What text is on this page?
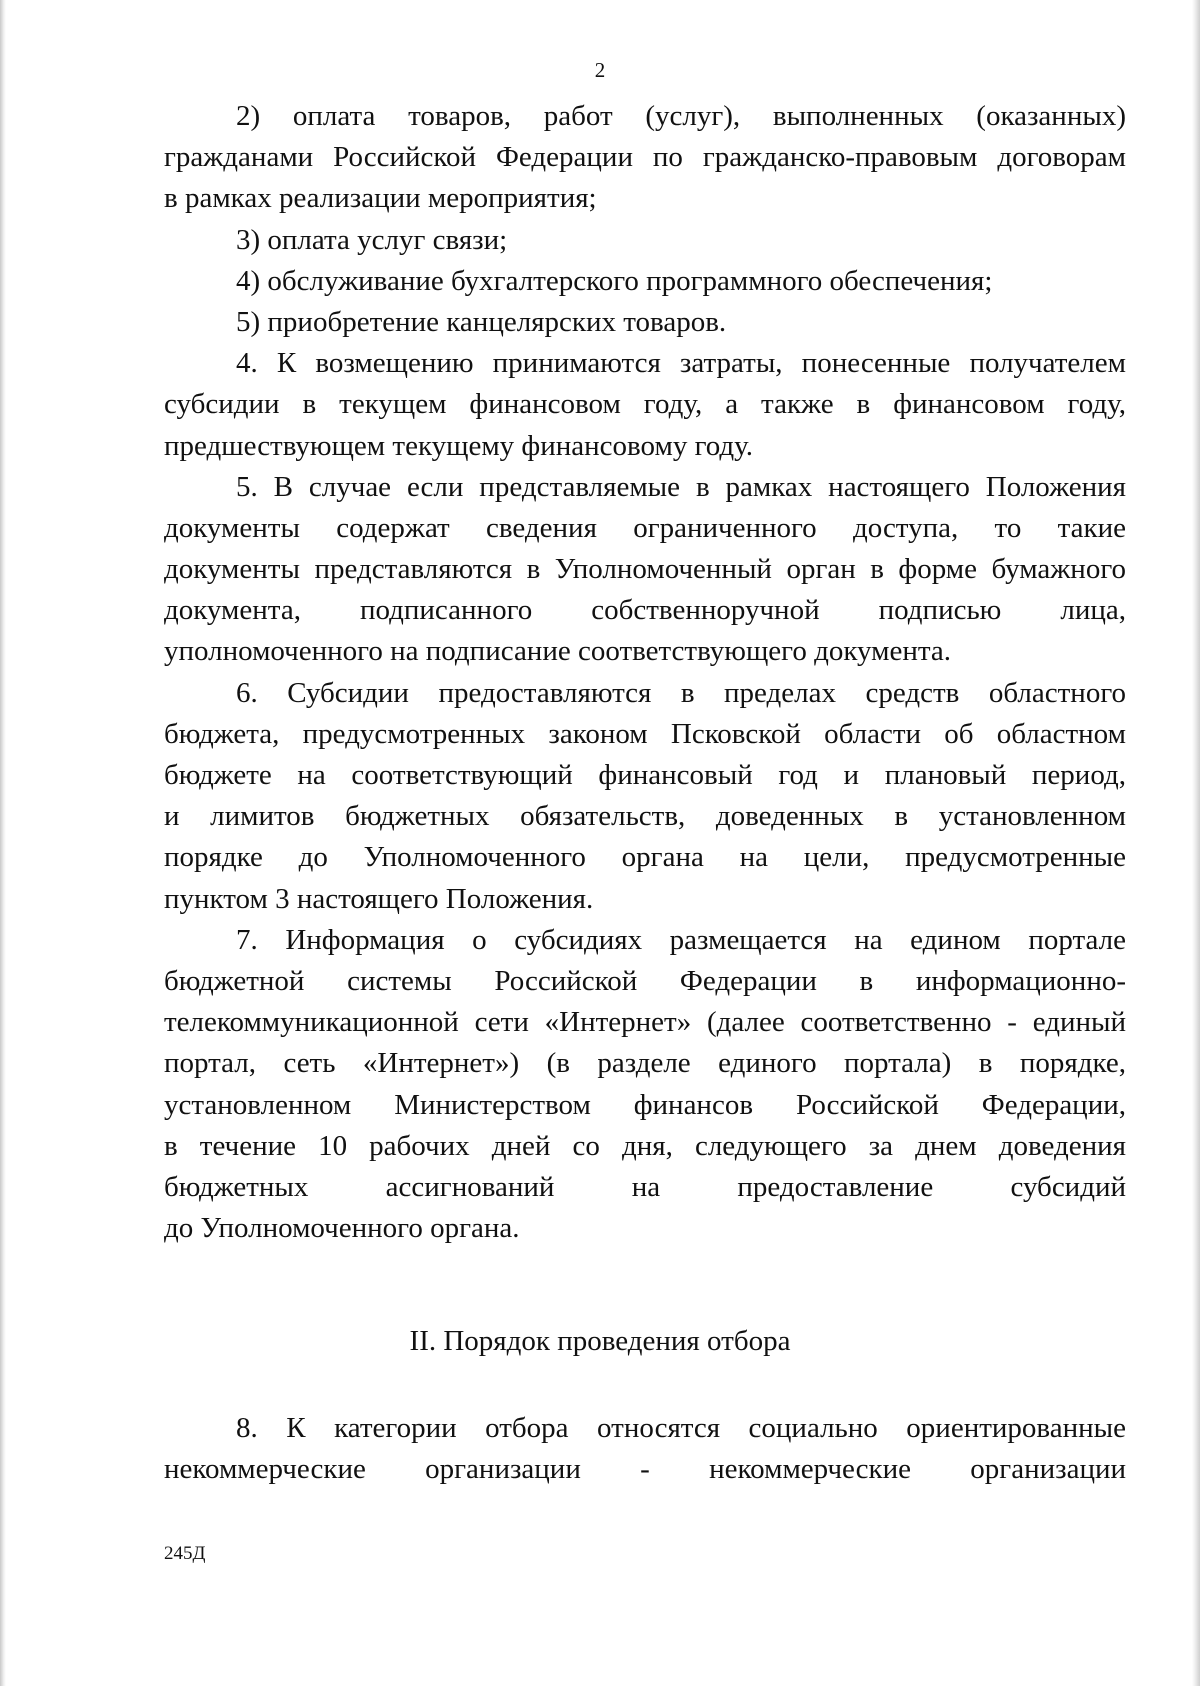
2
2) оплата товаров, работ (услуг), выполненных (оказанных)
гражданами Российской Федерации по гражданско-правовым договорам
в рамках реализации мероприятия;
3) оплата услуг связи;
4) обслуживание бухгалтерского программного обеспечения;
5) приобретение канцелярских товаров.
4. К возмещению принимаются затраты, понесенные получателем
субсидии в текущем финансовом году, а также в финансовом году,
предшествующем текущему финансовому году.
5. В случае если представляемые в рамках настоящего Положения
документы содержат сведения ограниченного доступа, то такие
документы представляются в Уполномоченный орган в форме бумажного
документа, подписанного собственноручной подписью лица,
уполномоченного на подписание соответствующего документа.
6. Субсидии предоставляются в пределах средств областного
бюджета, предусмотренных законом Псковской области об областном
бюджете на соответствующий финансовый год и плановый период,
и лимитов бюджетных обязательств, доведенных в установленном
порядке до Уполномоченного органа на цели, предусмотренные
пунктом 3 настоящего Положения.
7. Информация о субсидиях размещается на едином портале
бюджетной системы Российской Федерации в информационно-
телекоммуникационной сети «Интернет» (далее соответственно - единый
портал, сеть «Интернет») (в разделе единого портала) в порядке,
установленном Министерством финансов Российской Федерации,
в течение 10 рабочих дней со дня, следующего за днем доведения
бюджетных ассигнований на предоставление субсидий
до Уполномоченного органа.
II. Порядок проведения отбора
8. К категории отбора относятся социально ориентированные
некоммерческие организации - некоммерческие организации
245Д
